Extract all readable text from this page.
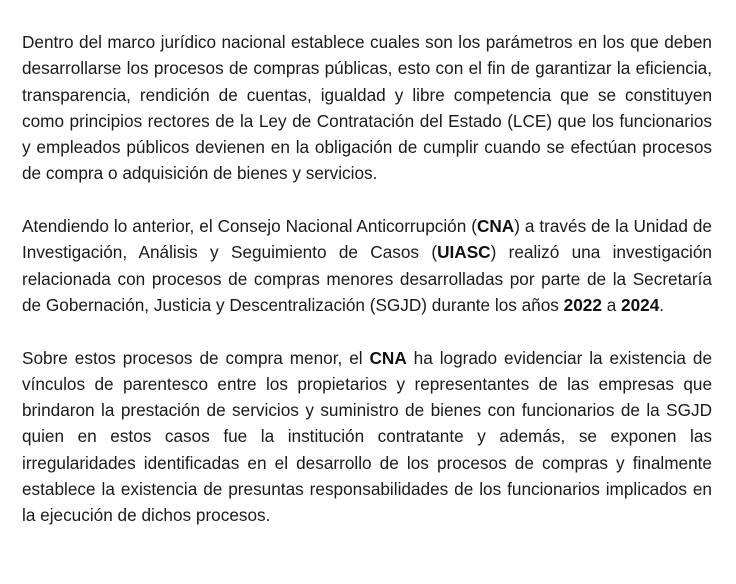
Dentro del marco jurídico nacional establece cuales son los parámetros en los que deben desarrollarse los procesos de compras públicas, esto con el fin de garantizar la eficiencia, transparencia, rendición de cuentas, igualdad y libre competencia que se constituyen como principios rectores de la Ley de Contratación del Estado (LCE) que los funcionarios y empleados públicos devienen en la obligación de cumplir cuando se efectúan procesos de compra o adquisición de bienes y servicios.

Atendiendo lo anterior, el Consejo Nacional Anticorrupción (CNA) a través de la Unidad de Investigación, Análisis y Seguimiento de Casos (UIASC) realizó una investigación relacionada con procesos de compras menores desarrolladas por parte de la Secretaría de Gobernación, Justicia y Descentralización (SGJD) durante los años 2022 a 2024.

Sobre estos procesos de compra menor, el CNA ha logrado evidenciar la existencia de vínculos de parentesco entre los propietarios y representantes de las empresas que brindaron la prestación de servicios y suministro de bienes con funcionarios de la SGJD quien en estos casos fue la institución contratante y además, se exponen las irregularidades identificadas en el desarrollo de los procesos de compras y finalmente establece la existencia de presuntas responsabilidades de los funcionarios implicados en la ejecución de dichos procesos.
